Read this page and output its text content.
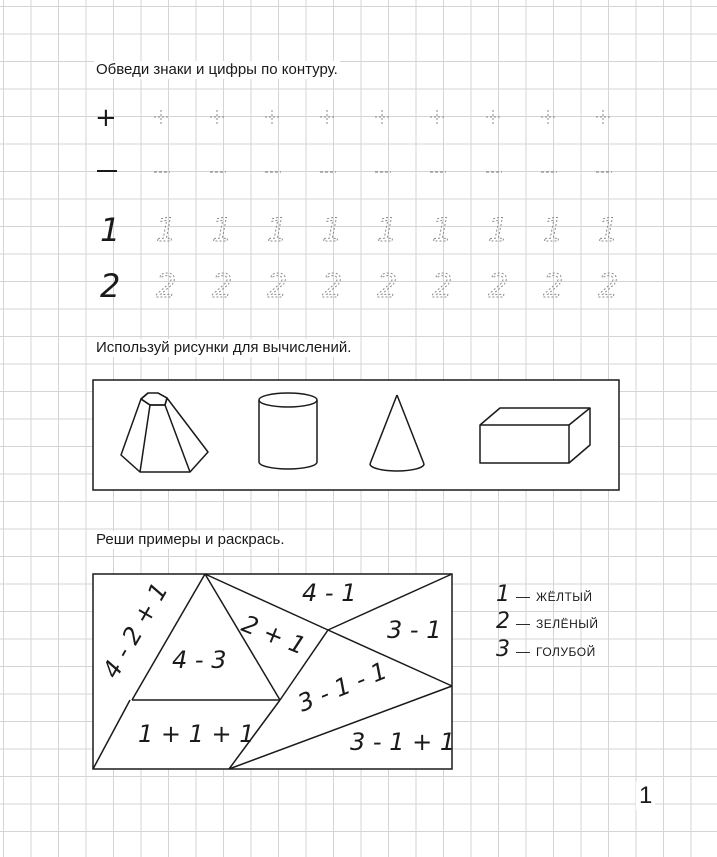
Обведи знаки и цифры по контуру.
Используй рисунки для вычислений.
Реши примеры и раскрась.
+
1 1 1 1 1 1 1 1 1 1
2 2 2 2 2 2 2 2 2 2
4 - 2 + 1
4 - 3
4 - 1
2 + 1	3 - 1
3 - 1 - 1
1 + 1 + 1	3 - 1 + 1
1 — ЖЁЛТЫЙ
2 — ЗЕЛЁНЫЙ
3 — ГОЛУБОЙ
1
